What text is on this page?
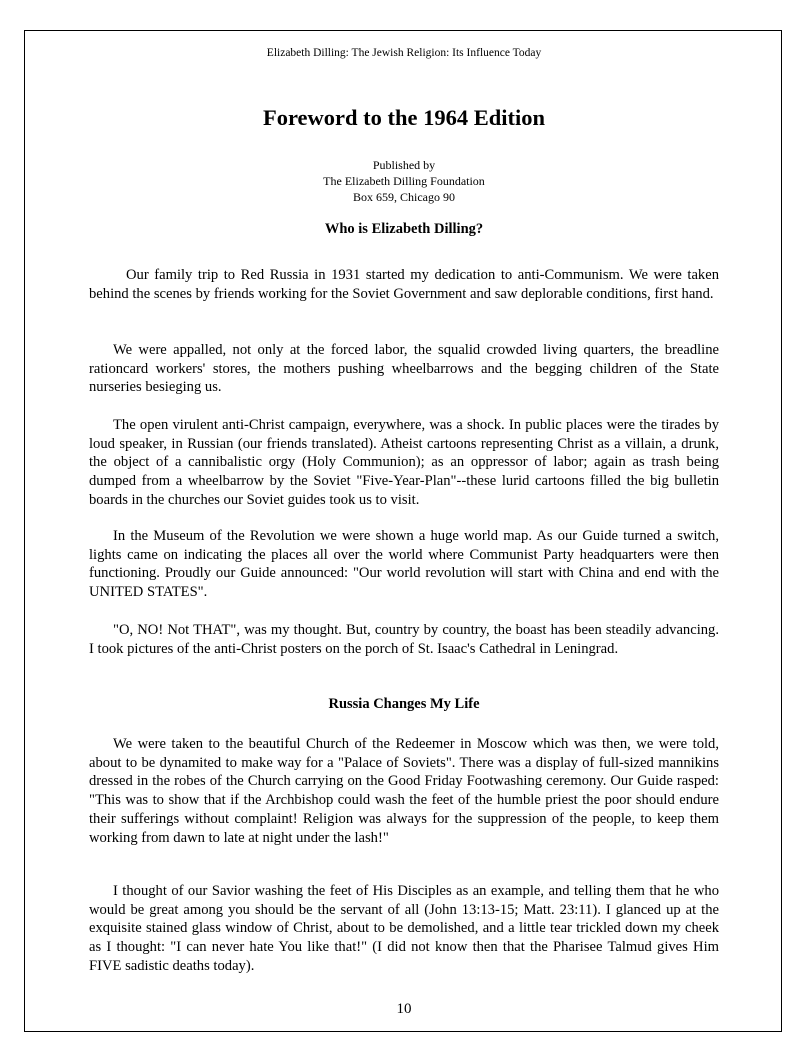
Elizabeth Dilling: The Jewish Religion: Its Influence Today
Foreword to the 1964 Edition
Published by
The Elizabeth Dilling Foundation
Box 659, Chicago 90
Who is Elizabeth Dilling?

Our family trip to Red Russia in 1931 started my dedication to anti-Communism. We were taken behind the scenes by friends working for the Soviet Government and saw deplorable conditions, first hand.

We were appalled, not only at the forced labor, the squalid crowded living quarters, the breadline rationcard workers' stores, the mothers pushing wheelbarrows and the begging children of the State nurseries besieging us.

The open virulent anti-Christ campaign, everywhere, was a shock. In public places were the tirades by loud speaker, in Russian (our friends translated). Atheist cartoons representing Christ as a villain, a drunk, the object of a cannibalistic orgy (Holy Communion); as an oppressor of labor; again as trash being dumped from a wheelbarrow by the Soviet "Five-Year-Plan"--these lurid cartoons filled the big bulletin boards in the churches our Soviet guides took us to visit.

In the Museum of the Revolution we were shown a huge world map. As our Guide turned a switch, lights came on indicating the places all over the world where Communist Party headquarters were then functioning. Proudly our Guide announced: "Our world revolution will start with China and end with the UNITED STATES".

"O, NO! Not THAT", was my thought. But, country by country, the boast has been steadily advancing. I took pictures of the anti-Christ posters on the porch of St. Isaac's Cathedral in Leningrad.

Russia Changes My Life

We were taken to the beautiful Church of the Redeemer in Moscow which was then, we were told, about to be dynamited to make way for a "Palace of Soviets". There was a display of full-sized mannikins dressed in the robes of the Church carrying on the Good Friday Footwashing ceremony. Our Guide rasped: "This was to show that if the Archbishop could wash the feet of the humble priest the poor should endure their sufferings without complaint! Religion was always for the suppression of the people, to keep them working from dawn to late at night under the lash!"

I thought of our Savior washing the feet of His Disciples as an example, and telling them that he who would be great among you should be the servant of all (John 13:13-15; Matt. 23:11). I glanced up at the exquisite stained glass window of Christ, about to be demolished, and a little tear trickled down my cheek as I thought: "I can never hate You like that!" (I did not know then that the Pharisee Talmud gives Him FIVE sadistic deaths today).

10
